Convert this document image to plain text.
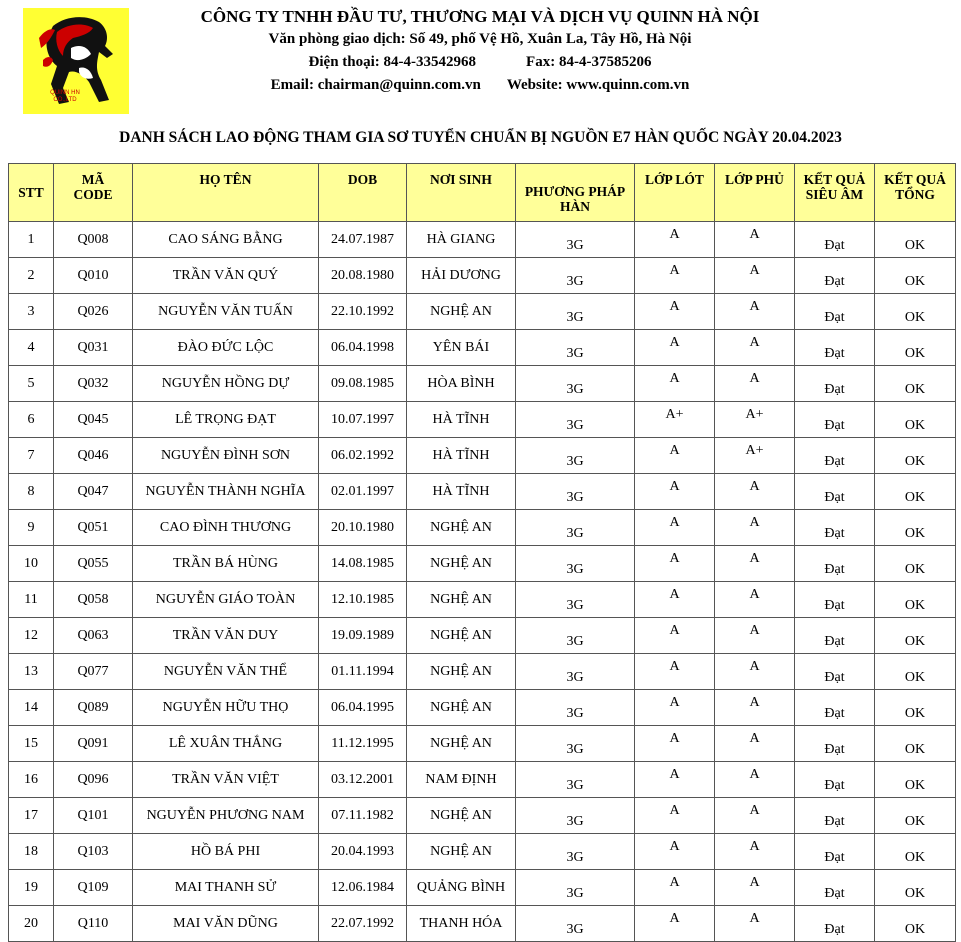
QUINN HN CO.,LTD
CÔNG TY TNHH ĐẦU TƯ, THƯƠNG MẠI VÀ DỊCH VỤ QUINN HÀ NỘI
Văn phòng giao dịch: Số 49, phố Vệ Hồ, Xuân La, Tây Hồ, Hà Nội
Điện thoại: 84-4-33542968	Fax: 84-4-37585206
Email: chairman@quinn.com.vn Website: www.quinn.com.vn
DANH SÁCH LAO ĐỘNG THAM GIA SƠ TUYỂN CHUẨN BỊ NGUỒN E7 HÀN QUỐC NGÀY 20.04.2023
STT	MÃ CODE	HỌ TÊN	DOB	NƠI SINH	PHƯƠNG PHÁP HÀN	LỚP LÓT	LỚP PHỦ	KẾT QUẢ SIÊU ÂM	KẾT QUẢ TỔNG

1	Q008	CAO SÁNG BẰNG	24.07.1987	HÀ GIANG	3G	A	A	Đạt	OK
2	Q010	TRẦN VĂN QUÝ	20.08.1980	HẢI DƯƠNG	3G	A	A	Đạt	OK
3	Q026	NGUYỄN VĂN TUẤN	22.10.1992	NGHỆ AN	3G	A	A	Đạt	OK
4	Q031	ĐÀO ĐỨC LỘC	06.04.1998	YÊN BÁI	3G	A	A	Đạt	OK
5	Q032	NGUYỄN HỒNG DỰ	09.08.1985	HÒA BÌNH	3G	A	A	Đạt	OK
6	Q045	LÊ TRỌNG ĐẠT	10.07.1997	HÀ TĨNH	3G	A+	A+	Đạt	OK
7	Q046	NGUYỄN ĐÌNH SƠN	06.02.1992	HÀ TĨNH	3G	A	A+	Đạt	OK
8	Q047	NGUYỄN THÀNH NGHĨA	02.01.1997	HÀ TĨNH	3G	A	A	Đạt	OK
9	Q051	CAO ĐÌNH THƯƠNG	20.10.1980	NGHỆ AN	3G	A	A	Đạt	OK
10	Q055	TRẦN BÁ HÙNG	14.08.1985	NGHỆ AN	3G	A	A	Đạt	OK
11	Q058	NGUYỄN GIÁO TOÀN	12.10.1985	NGHỆ AN	3G	A	A	Đạt	OK
12	Q063	TRẦN VĂN DUY	19.09.1989	NGHỆ AN	3G	A	A	Đạt	OK
13	Q077	NGUYỄN VĂN THỂ	01.11.1994	NGHỆ AN	3G	A	A	Đạt	OK
14	Q089	NGUYỄN HỮU THỌ	06.04.1995	NGHỆ AN	3G	A	A	Đạt	OK
15	Q091	LÊ XUÂN THẮNG	11.12.1995	NGHỆ AN	3G	A	A	Đạt	OK
16	Q096	TRẦN VĂN VIỆT	03.12.2001	NAM ĐỊNH	3G	A	A	Đạt	OK
17	Q101	NGUYỄN PHƯƠNG NAM	07.11.1982	NGHỆ AN	3G	A	A	Đạt	OK
18	Q103	HỒ BÁ PHI	20.04.1993	NGHỆ AN	3G	A	A	Đạt	OK
19	Q109	MAI THANH SỬ	12.06.1984	QUẢNG BÌNH	3G	A	A	Đạt	OK
20	Q110	MAI VĂN DŨNG	22.07.1992	THANH HÓA	3G	A	A	Đạt	OK
